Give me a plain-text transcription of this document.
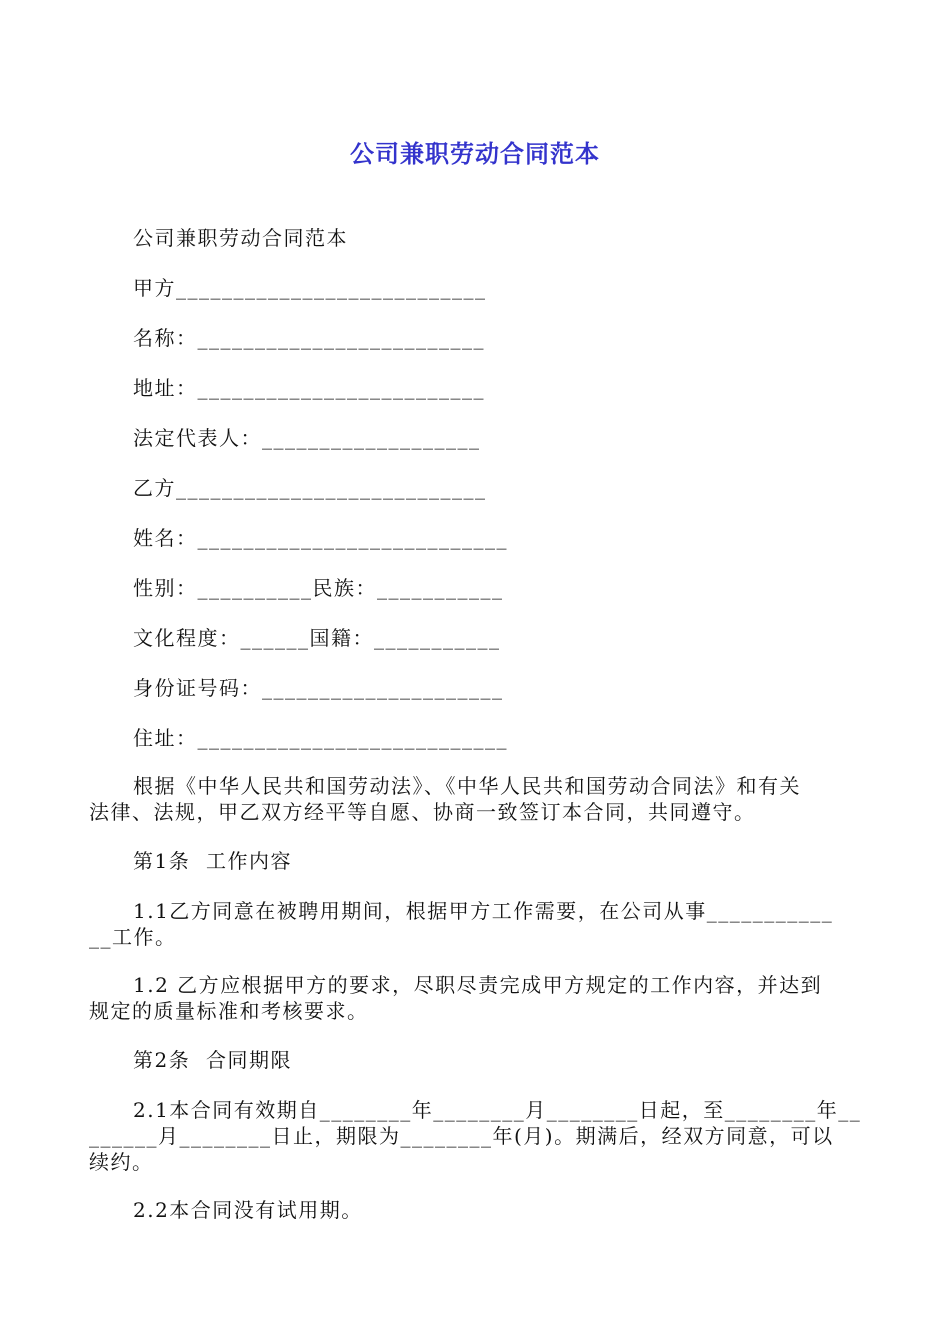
公司兼职劳动合同范本
公司兼职劳动合同范本
甲方___________________________
名称：_________________________
地址：_________________________
法定代表人：___________________
乙方___________________________
姓名：___________________________
性别：__________民族：___________
文化程度：______国籍：___________
身份证号码：_____________________
住址：___________________________
根据《中华人民共和国劳动法》、《中华人民共和国劳动合同法》和有关
法律、法规，甲乙双方经平等自愿、协商一致签订本合同，共同遵守。
第1条  工作内容
1.1乙方同意在被聘用期间，根据甲方工作需要，在公司从事___________
__工作。
1.2 乙方应根据甲方的要求，尽职尽责完成甲方规定的工作内容，并达到
规定的质量标准和考核要求。
第2条  合同期限
2.1本合同有效期自________年________月________日起，至________年__
______月________日止，期限为________年(月)。期满后，经双方同意，可以
续约。
2.2本合同没有试用期。
